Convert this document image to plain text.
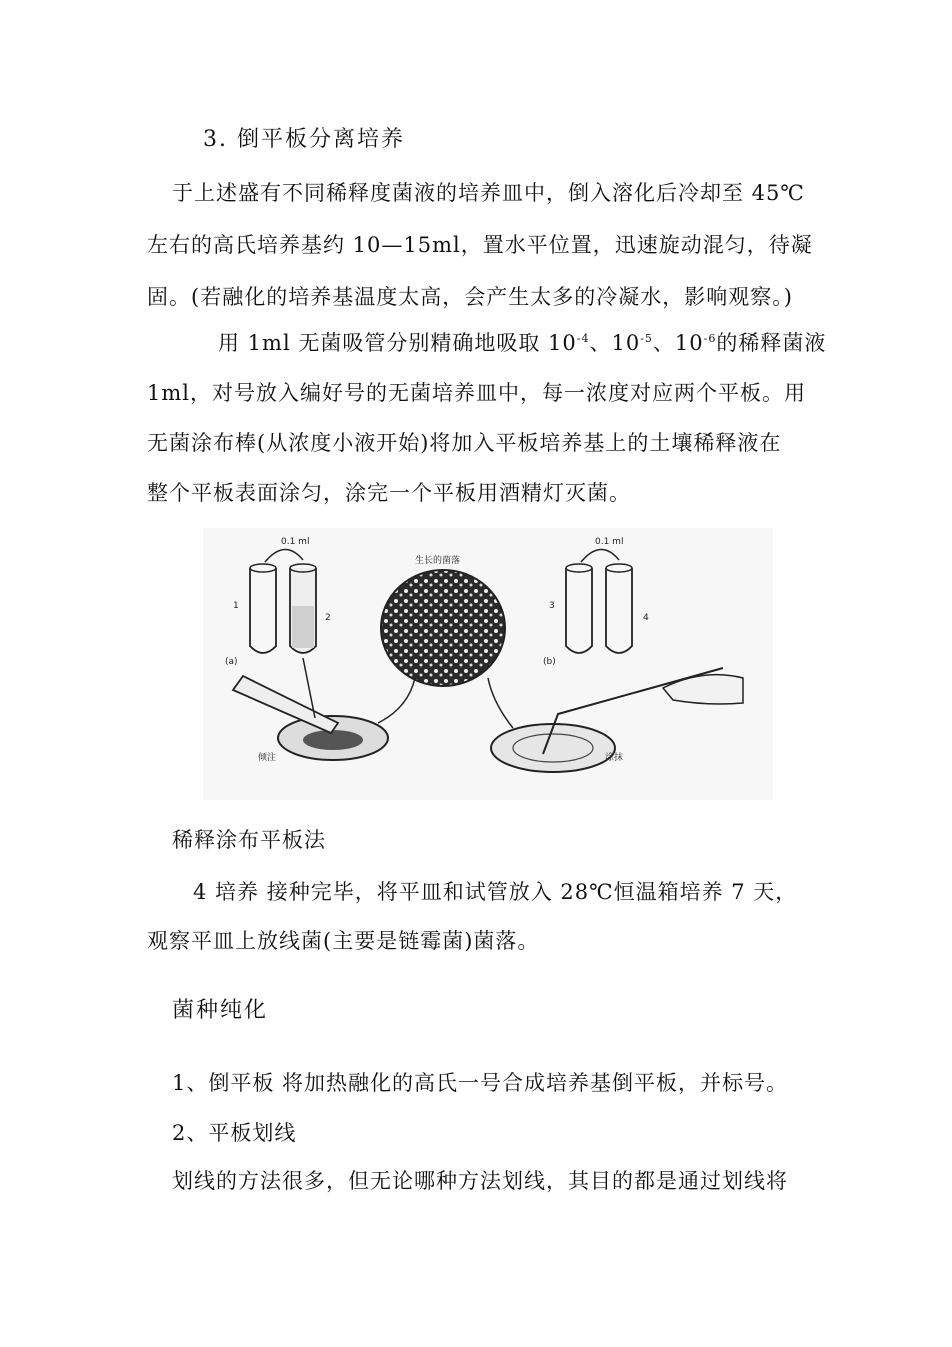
3. 倒平板分离培养
于上述盛有不同稀释度菌液的培养皿中，倒入溶化后冷却至 45℃
左右的高氏培养基约 10—15ml，置水平位置，迅速旋动混匀，待凝
固。(若融化的培养基温度太高，会产生太多的冷凝水，影响观察。)
用 1ml 无菌吸管分别精确地吸取 $10^{-4}$、$10^{-5}$、$10^{-6}$的稀释菌液
1ml，对号放入编好号的无菌培养皿中，每一浓度对应两个平板。用
无菌涂布棒(从浓度小液开始)将加入平板培养基上的土壤稀释液在
整个平板表面涂匀，涂完一个平板用酒精灯灭菌。
0.1 ml
1
2
(a)
生长的菌落
倾注
0.1 ml
3
4
(b)
涂抹
稀释涂布平板法
4 培养 接种完毕，将平皿和试管放入 28℃恒温箱培养 7 天，
观察平皿上放线菌(主要是链霉菌)菌落。
菌种纯化
1、倒平板 将加热融化的高氏一号合成培养基倒平板，并标号。
2、平板划线
划线的方法很多，但无论哪种方法划线，其目的都是通过划线将
